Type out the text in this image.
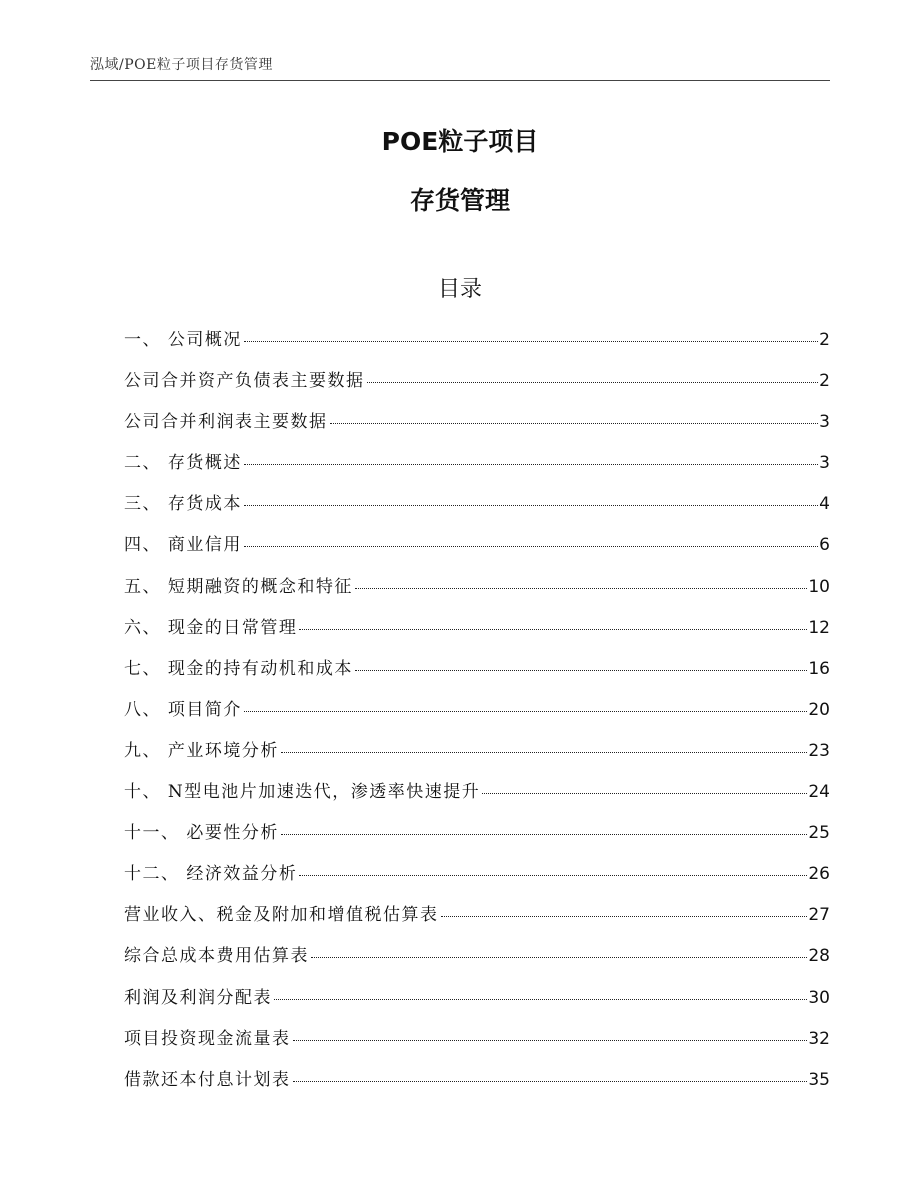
泓域/POE粒子项目存货管理
POE粒子项目
存货管理
目录
一、 公司概况	2
公司合并资产负债表主要数据	2
公司合并利润表主要数据	3
二、 存货概述	3
三、 存货成本	4
四、 商业信用	6
五、 短期融资的概念和特征	10
六、 现金的日常管理	12
七、 现金的持有动机和成本	16
八、 项目简介	20
九、 产业环境分析	23
十、 N型电池片加速迭代，渗透率快速提升	24
十一、 必要性分析	25
十二、 经济效益分析	26
营业收入、税金及附加和增值税估算表	27
综合总成本费用估算表	28
利润及利润分配表	30
项目投资现金流量表	32
借款还本付息计划表	35
